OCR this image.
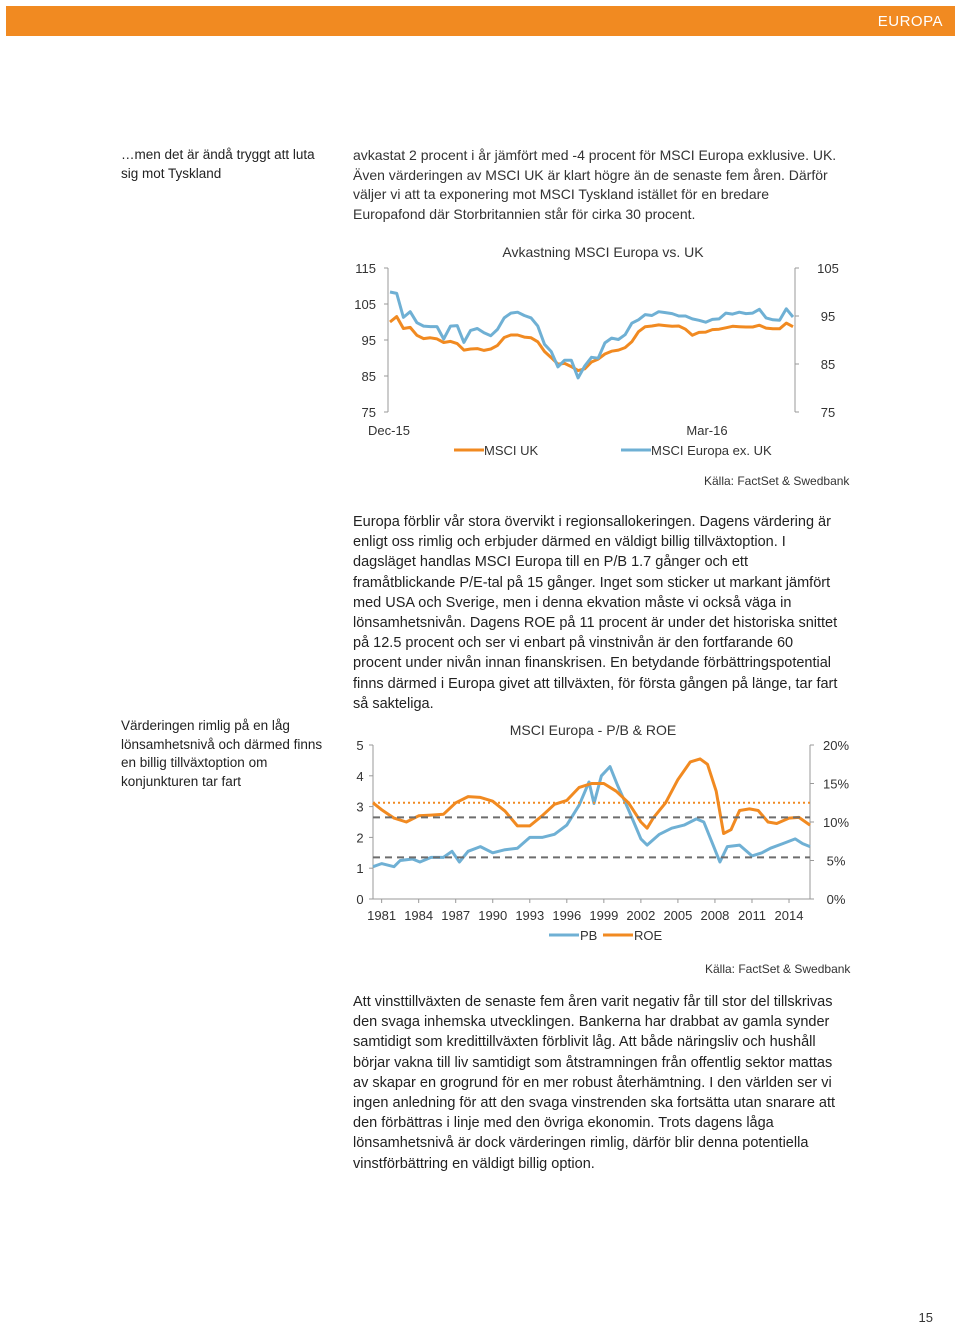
EUROPA
…men det är ändå tryggt att luta sig mot Tyskland
Värderingen rimlig på en låg lönsamhetsnivå och därmed finns en billig tillväxtoption om konjunkturen tar fart
avkastat 2 procent i år jämfört med -4 procent för MSCI Europa exklusive. UK. Även värderingen av MSCI UK är klart högre än de senaste fem åren. Därför väljer vi att ta exponering mot MSCI Tyskland istället för en bredare Europafond där Storbritannien står för cirka 30 procent.
Avkastning MSCI Europa vs. UK
115
105
95
85
75
105
95
85
75
Dec-15	Mar-16
MSCI UK	MSCI Europa ex. UK
Källa: FactSet & Swedbank
Europa förblir vår stora övervikt i regionsallokeringen. Dagens värdering är enligt oss rimlig och erbjuder därmed en väldigt billig tillväxtoption. I dagsläget handlas MSCI Europa till en P/B 1.7 gånger och ett framåtblickande P/E-tal på 15 gånger. Inget som sticker ut markant jämfört med USA och Sverige, men i denna ekvation måste vi också väga in lönsamhetsnivån. Dagens ROE på 11 procent är under det historiska snittet på 12.5 procent och ser vi enbart på vinstnivån är den fortfarande 60 procent under nivån innan finanskrisen. En betydande förbättringspotential finns därmed i Europa givet att tillväxten, för första gången på länge, tar fart så sakteliga.
MSCI Europa - P/B & ROE
5
4
3
2
1
0
20%
15%
10%
5%
0%
1981 1984 1987 1990 1993 1996 1999 2002 2005 2008 2011 2014
PB	ROE
Källa: FactSet & Swedbank
Att vinsttillväxten de senaste fem åren varit negativ får till stor del tillskrivas den svaga inhemska utvecklingen. Bankerna har drabbat av gamla synder samtidigt som kredittillväxten förblivit låg. Att både näringsliv och hushåll börjar vakna till liv samtidigt som åtstramningen från offentlig sektor mattas av skapar en grogrund för en mer robust återhämtning. I den världen ser vi ingen anledning för att den svaga vinstrenden ska fortsätta utan snarare att den förbättras i linje med den övriga ekonomin. Trots dagens låga lönsamhetsnivå är dock värderingen rimlig, därför blir denna potentiella vinstförbättring en väldigt billig option.
15
